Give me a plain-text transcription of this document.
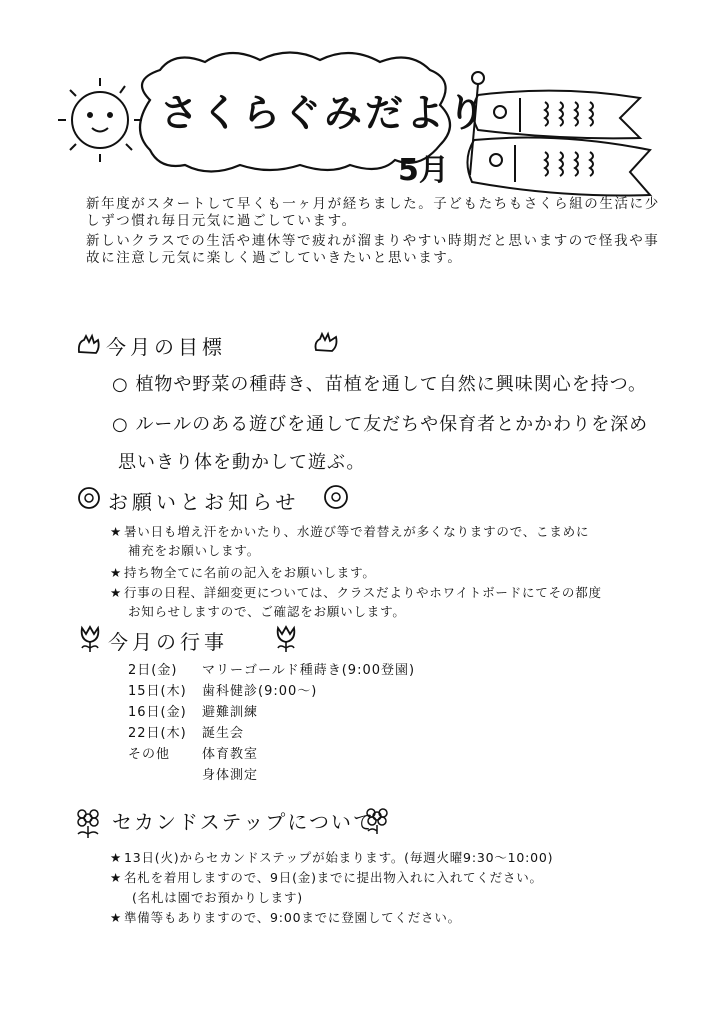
さくらぐみだより
5月

新年度がスタートして早くも一ヶ月が経ちました。子どもたちもさくら組の生活に少しずつ慣れ毎日元気に過ごしています。

新しいクラスでの生活や連休等で疲れが溜まりやすい時期だと思いますので怪我や事故に注意し元気に楽しく過ごしていきたいと思います。

今月の目標
○ 植物や野菜の種蒔き、苗植を通して自然に興味関心を持つ。
○ ルールのある遊びを通して友だちや保育者とかかわりを深め
思いきり体を動かして遊ぶ。
お願いとお知らせ
★ 暑い日も増え汗をかいたり、水遊び等で着替えが多くなりますので、こまめに
補充をお願いします。
★ 持ち物全てに名前の記入をお願いします。
★ 行事の日程、詳細変更については、クラスだよりやホワイトボードにてその都度
お知らせしますので、ご確認をお願いします。
今月の行事
2日(金) マリーゴールド種蒔き(9:00登園)
15日(木) 歯科健診(9:00〜)
16日(金) 避難訓練
22日(木) 誕生会
その他 体育教室
身体測定
セカンドステップについて
★ 13日(火)からセカンドステップが始まります。(毎週火曜9:30〜10:00)
★ 名札を着用しますので、9日(金)までに提出物入れに入れてください。
(名札は園でお預かりします)
★ 準備等もありますので、9:00までに登園してください。
